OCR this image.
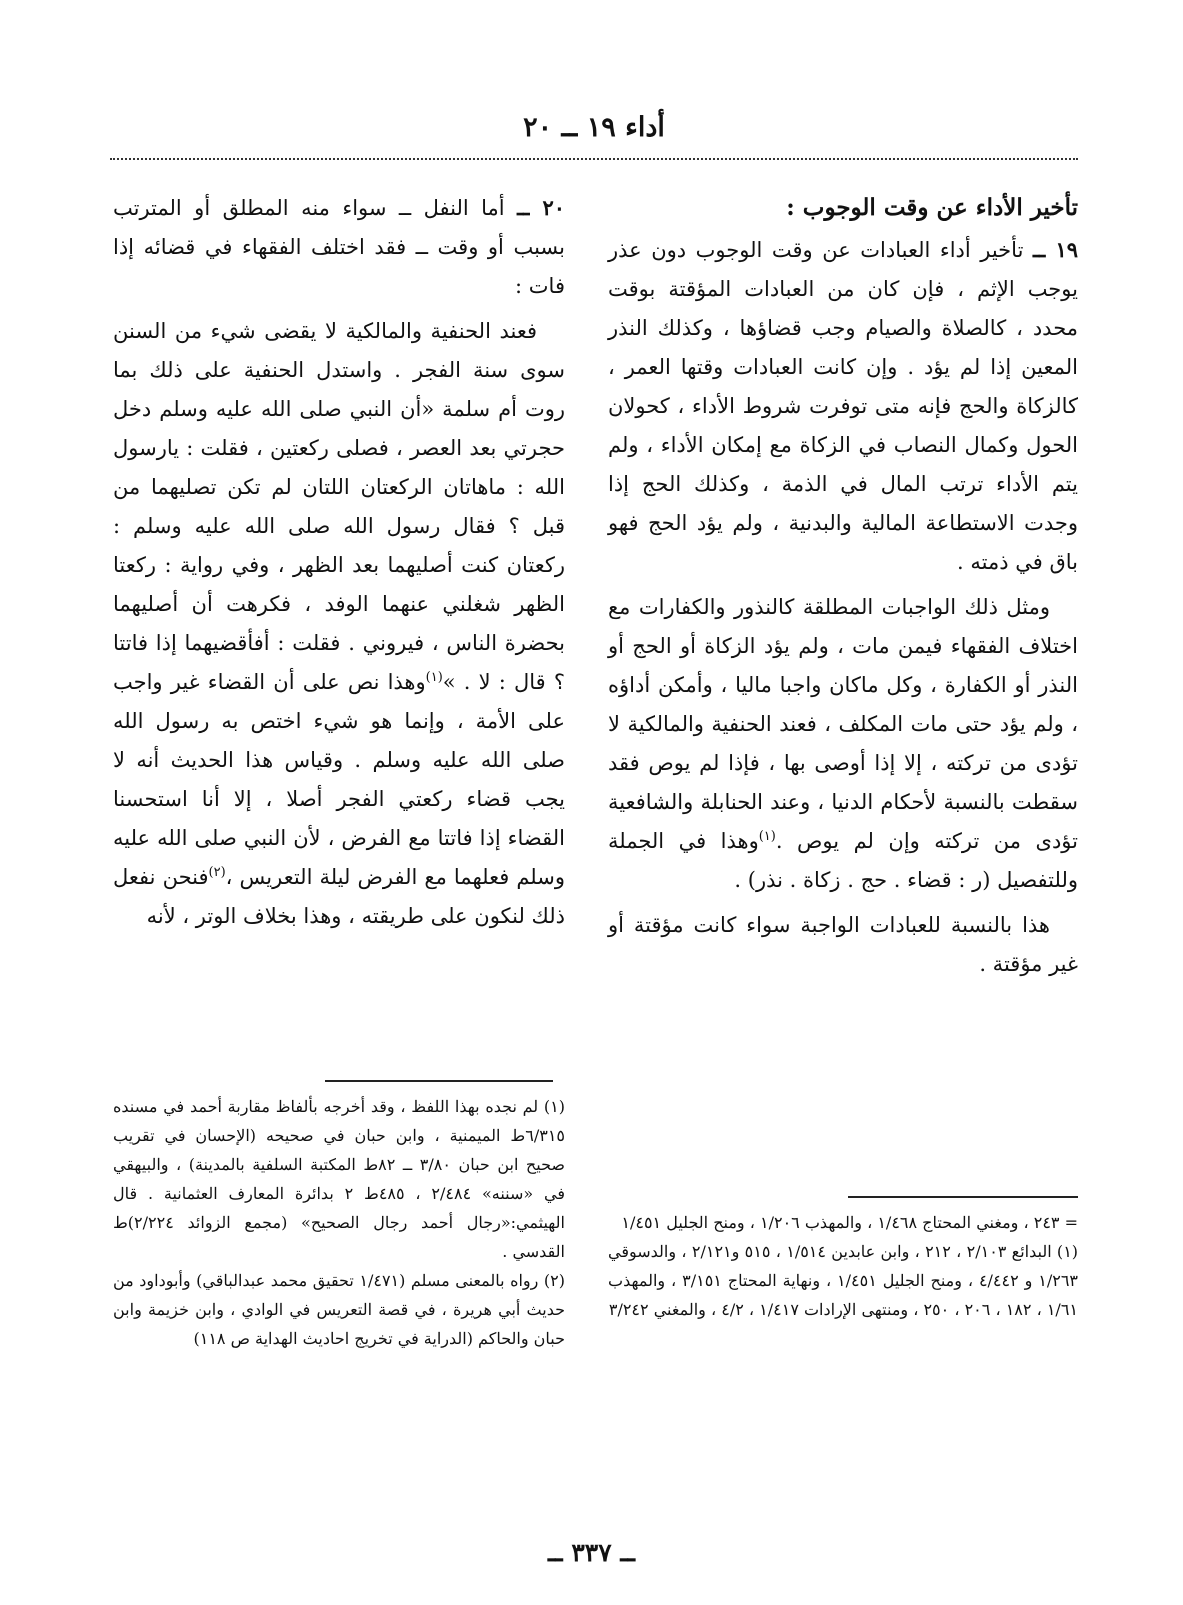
أداء ١٩ ــ ٢٠
تأخير الأداء عن وقت الوجوب :

١٩ ــ تأخير أداء العبادات عن وقت الوجوب دون عذر يوجب الإثم ، فإن كان من العبادات المؤقتة بوقت محدد ، كالصلاة والصيام وجب قضاؤها ، وكذلك النذر المعين إذا لم يؤد . وإن كانت العبادات وقتها العمر ، كالزكاة والحج فإنه متى توفرت شروط الأداء ، كحولان الحول وكمال النصاب في الزكاة مع إمكان الأداء ، ولم يتم الأداء ترتب المال في الذمة ، وكذلك الحج إذا وجدت الاستطاعة المالية والبدنية ، ولم يؤد الحج فهو باق في ذمته .

ومثل ذلك الواجبات المطلقة كالنذور والكفارات مع اختلاف الفقهاء فيمن مات ، ولم يؤد الزكاة أو الحج أو النذر أو الكفارة ، وكل ماكان واجبا ماليا ، وأمكن أداؤه ، ولم يؤد حتى مات المكلف ، فعند الحنفية والمالكية لا تؤدى من تركته ، إلا إذا أوصى بها ، فإذا لم يوص فقد سقطت بالنسبة لأحكام الدنيا ، وعند الحنابلة والشافعية تؤدى من تركته وإن لم يوص .$^{(١)}$وهذا في الجملة وللتفصيل (ر : قضاء . حج . زكاة . نذر) .

هذا بالنسبة للعبادات الواجبة سواء كانت مؤقتة أو غير مؤقتة .

٢٠ ــ أما النفل ــ سواء منه المطلق أو المترتب بسبب أو وقت ــ فقد اختلف الفقهاء في قضائه إذا فات :

فعند الحنفية والمالكية لا يقضى شيء من السنن سوى سنة الفجر . واستدل الحنفية على ذلك بما روت أم سلمة «أن النبي صلى الله عليه وسلم دخل حجرتي بعد العصر ، فصلى ركعتين ، فقلت : يارسول الله : ماهاتان الركعتان اللتان لم تكن تصليهما من قبل ؟ فقال رسول الله صلى الله عليه وسلم : ركعتان كنت أصليهما بعد الظهر ، وفي رواية : ركعتا الظهر شغلني عنهما الوفد ، فكرهت أن أصليهما بحضرة الناس ، فيروني . فقلت : أفأقضيهما إذا فاتتا ؟ قال : لا . »$^{(١)}$وهذا نص على أن القضاء غير واجب على الأمة ، وإنما هو شيء اختص به رسول الله صلى الله عليه وسلم . وقياس هذا الحديث أنه لا يجب قضاء ركعتي الفجر أصلا ، إلا أنا استحسنا القضاء إذا فاتتا مع الفرض ، لأن النبي صلى الله عليه وسلم فعلهما مع الفرض ليلة التعريس ،$^{(٢)}$فنحن نفعل ذلك لنكون على طريقته ، وهذا بخلاف الوتر ، لأنه

= ٢٤٣ ، ومغني المحتاج ١/٤٦٨ ، والمهذب ١/٢٠٦ ، ومنح الجليل ١/٤٥١

(١) البدائع ٢/١٠٣ ، ٢١٢ ، وابن عابدين ١/٥١٤ ، ٥١٥ و٢/١٢١ ، والدسوقي ١/٢٦٣ و ٤/٤٤٢ ، ومنح الجليل ١/٤٥١ ، ونهاية المحتاج ٣/١٥١ ، والمهذب ١/٦١ ، ١٨٢ ، ٢٠٦ ، ٢٥٠ ، ومنتهى الإرادات ١/٤١٧ ، ٤/٢ ، والمغني ٣/٢٤٢

(١) لم نجده بهذا اللفظ ، وقد أخرجه بألفاظ مقاربة أحمد في مسنده ٦/٣١٥ط الميمنية ، وابن حبان في صحيحه (الإحسان في تقريب صحيح ابن حبان ٣/٨٠ ــ ٨٢ط المكتبة السلفية بالمدينة) ، والبيهقي في «سننه» ٢/٤٨٤ ، ٤٨٥ط ٢ بدائرة المعارف العثمانية . قال الهيثمي:«رجال أحمد رجال الصحيح» (مجمع الزوائد ٢/٢٢٤)ط القدسي .

(٢) رواه بالمعنى مسلم (١/٤٧١ تحقيق محمد عبدالباقي) وأبوداود من حديث أبي هريرة ، في قصة التعريس في الوادي ، وابن خزيمة وابن حبان والحاكم (الدراية في تخريج احاديث الهداية ص ١١٨)

ــ ٣٣٧ ــ
